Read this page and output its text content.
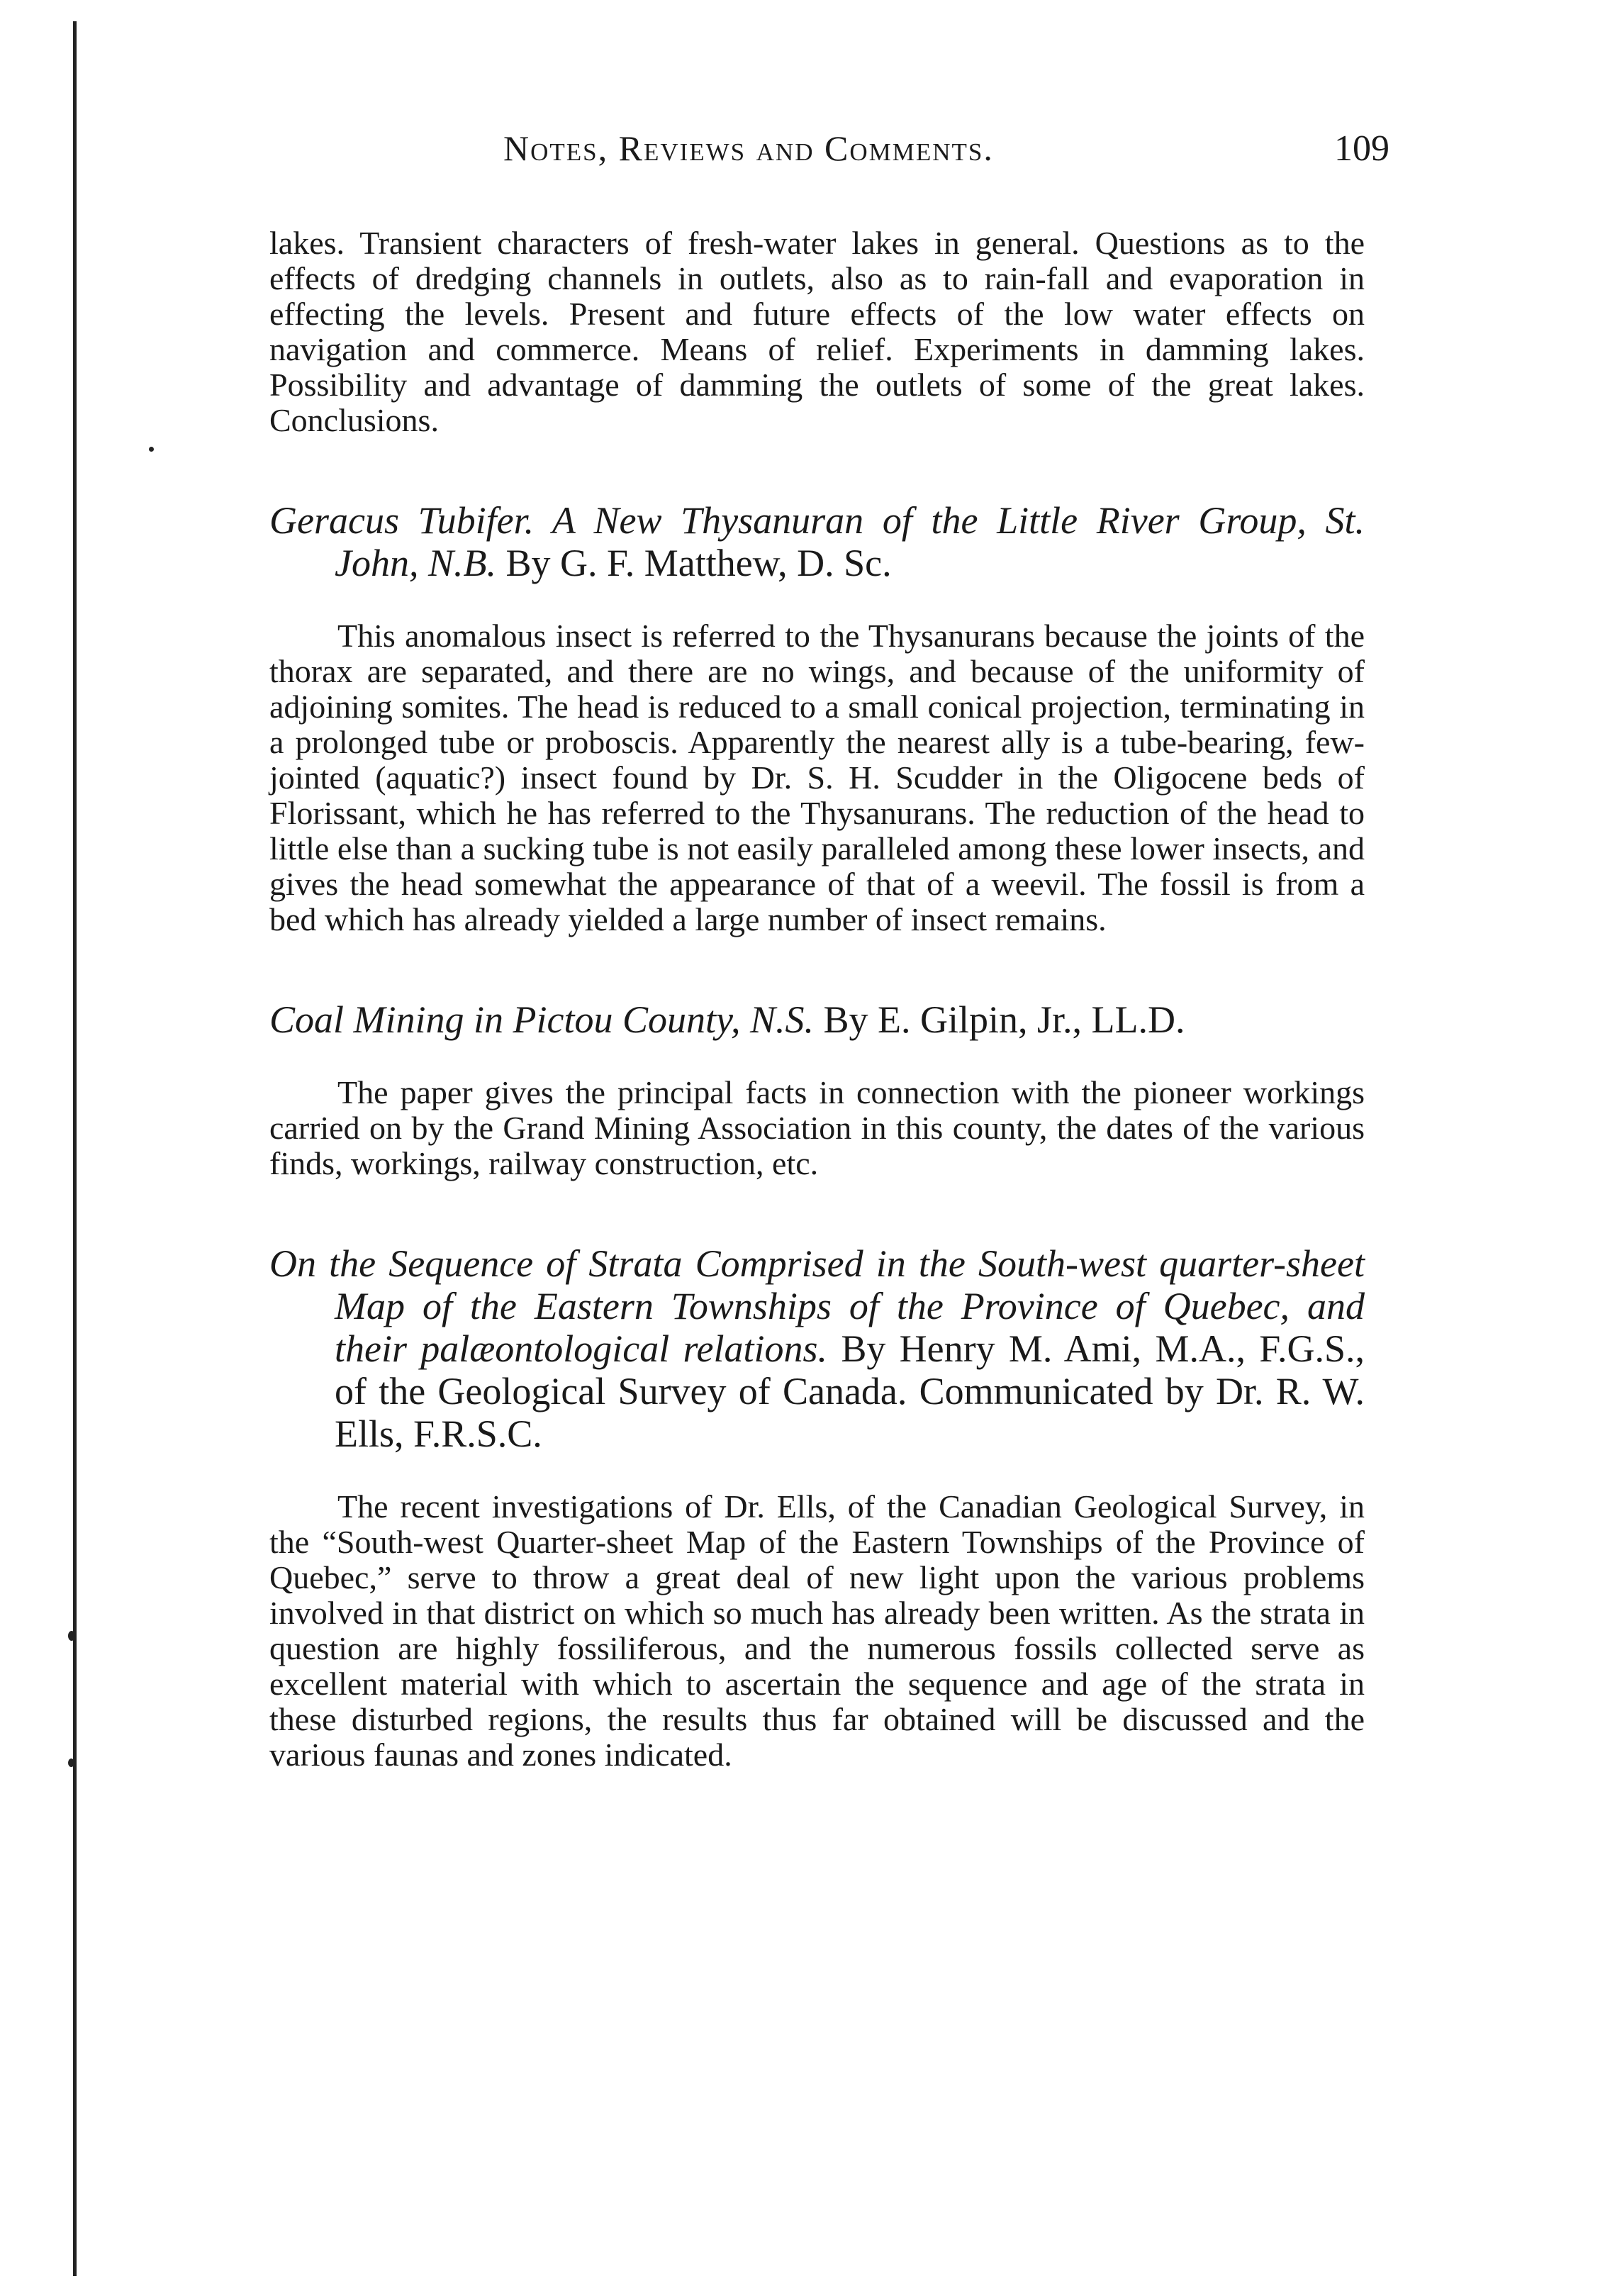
Notes, Reviews and Comments.	109

lakes. Transient characters of fresh-water lakes in general. Questions as to the effects of dredging channels in outlets, also as to rain-fall and evaporation in effecting the levels. Present and future effects of the low water effects on navigation and commerce. Means of relief. Experiments in damming lakes. Possibility and advantage of damming the outlets of some of the great lakes. Conclusions.

Geracus Tubifer. A New Thysanuran of the Little River Group, St. John, N.B. By G. F. Matthew, D. Sc.

This anomalous insect is referred to the Thysanurans because the joints of the thorax are separated, and there are no wings, and because of the uniformity of adjoining somites. The head is reduced to a small conical projection, terminating in a prolonged tube or proboscis. Apparently the nearest ally is a tube-bearing, few-jointed (aquatic?) insect found by Dr. S. H. Scudder in the Oligocene beds of Florissant, which he has referred to the Thysanurans. The reduction of the head to little else than a sucking tube is not easily paralleled among these lower insects, and gives the head somewhat the appearance of that of a weevil. The fossil is from a bed which has already yielded a large number of insect remains.

Coal Mining in Pictou County, N.S. By E. Gilpin, Jr., LL.D.

The paper gives the principal facts in connection with the pioneer workings carried on by the Grand Mining Association in this county, the dates of the various finds, workings, railway construction, etc.

On the Sequence of Strata Comprised in the South-west quarter-sheet Map of the Eastern Townships of the Province of Quebec, and their palæontological relations. By Henry M. Ami, M.A., F.G.S., of the Geological Survey of Canada. Communicated by Dr. R. W. Ells, F.R.S.C.

The recent investigations of Dr. Ells, of the Canadian Geological Survey, in the “South-west Quarter-sheet Map of the Eastern Townships of the Province of Quebec,” serve to throw a great deal of new light upon the various problems involved in that district on which so much has already been written. As the strata in question are highly fossiliferous, and the numerous fossils collected serve as excellent material with which to ascertain the sequence and age of the strata in these disturbed regions, the results thus far obtained will be discussed and the various faunas and zones indicated.
